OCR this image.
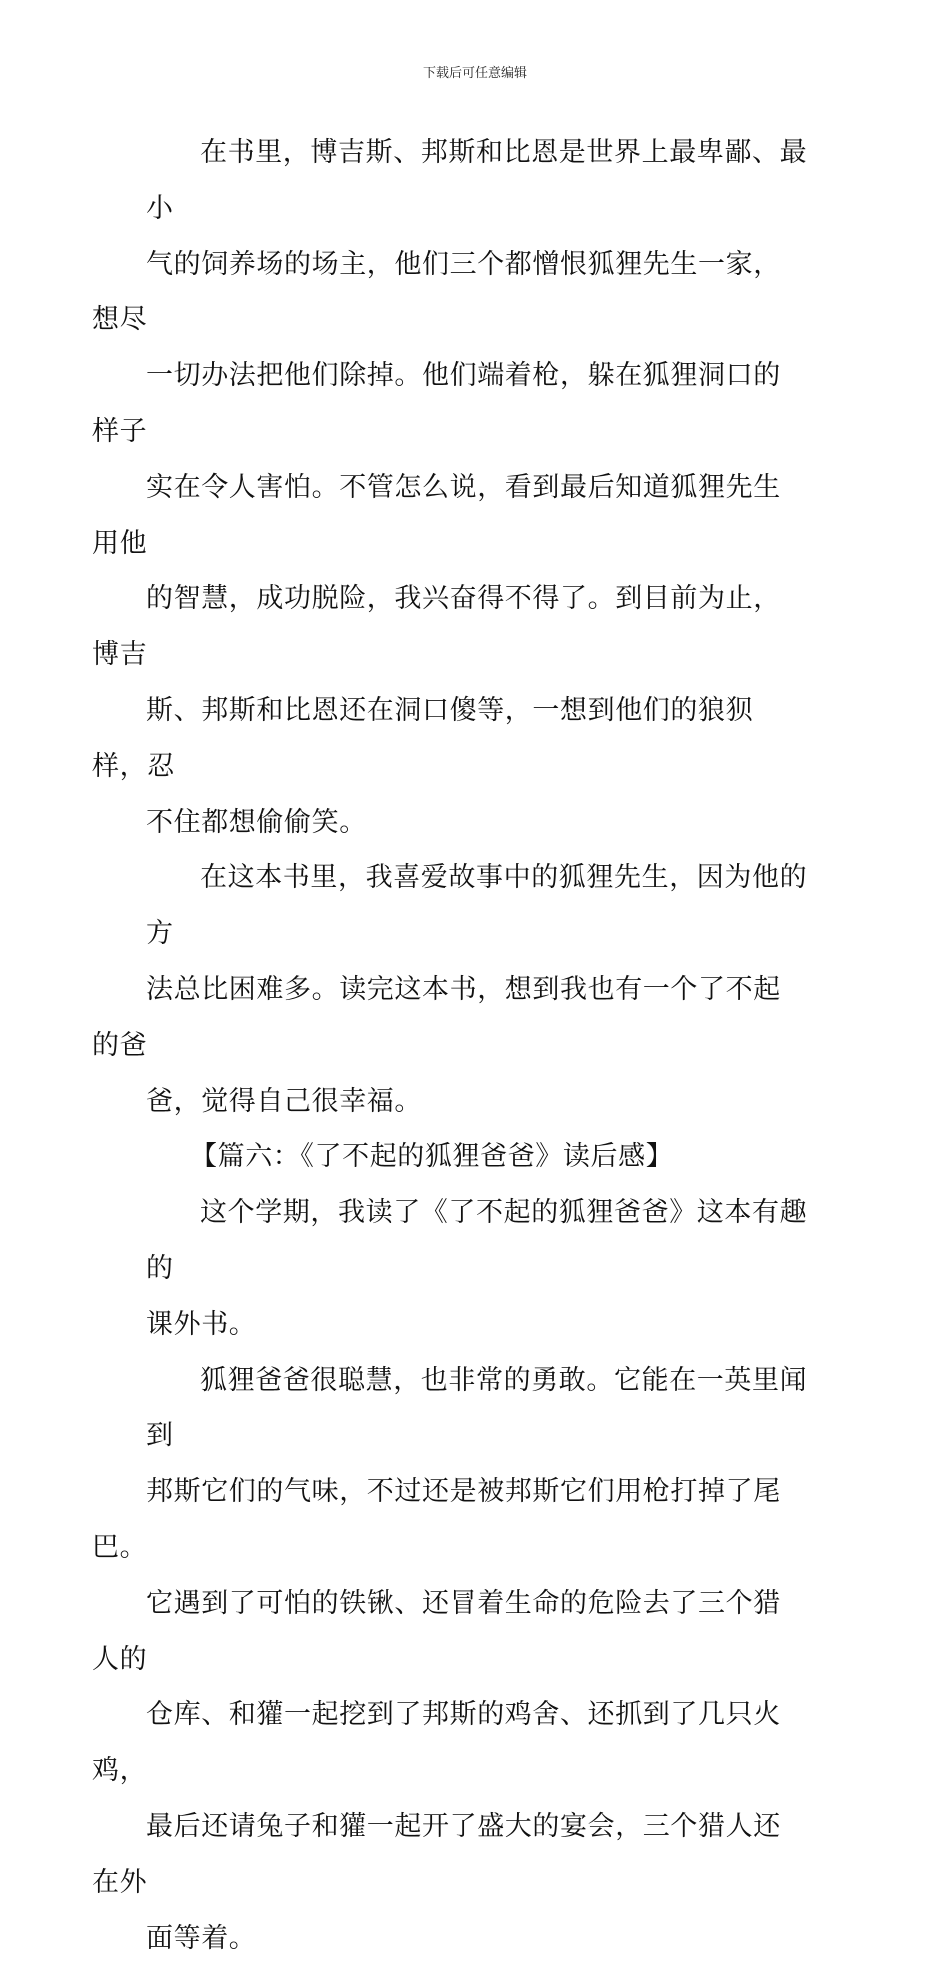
下载后可任意编辑

在书里，博吉斯、邦斯和比恩是世界上最卑鄙、最小
气的饲养场的场主，他们三个都憎恨狐狸先生一家，想尽
一切办法把他们除掉。他们端着枪，躲在狐狸洞口的样子
实在令人害怕。不管怎么说，看到最后知道狐狸先生用他
的智慧，成功脱险，我兴奋得不得了。到目前为止，博吉
斯、邦斯和比恩还在洞口傻等，一想到他们的狼狈样，忍
不住都想偷偷笑。

在这本书里，我喜爱故事中的狐狸先生，因为他的方
法总比困难多。读完这本书，想到我也有一个了不起的爸
爸，觉得自己很幸福。

【篇六：《了不起的狐狸爸爸》读后感】

这个学期，我读了《了不起的狐狸爸爸》这本有趣的
课外书。

狐狸爸爸很聪慧，也非常的勇敢。它能在一英里闻到
邦斯它们的气味，不过还是被邦斯它们用枪打掉了尾巴。
它遇到了可怕的铁锹、还冒着生命的危险去了三个猎人的
仓库、和獾一起挖到了邦斯的鸡舍、还抓到了几只火鸡，
最后还请兔子和獾一起开了盛大的宴会，三个猎人还在外
面等着。
